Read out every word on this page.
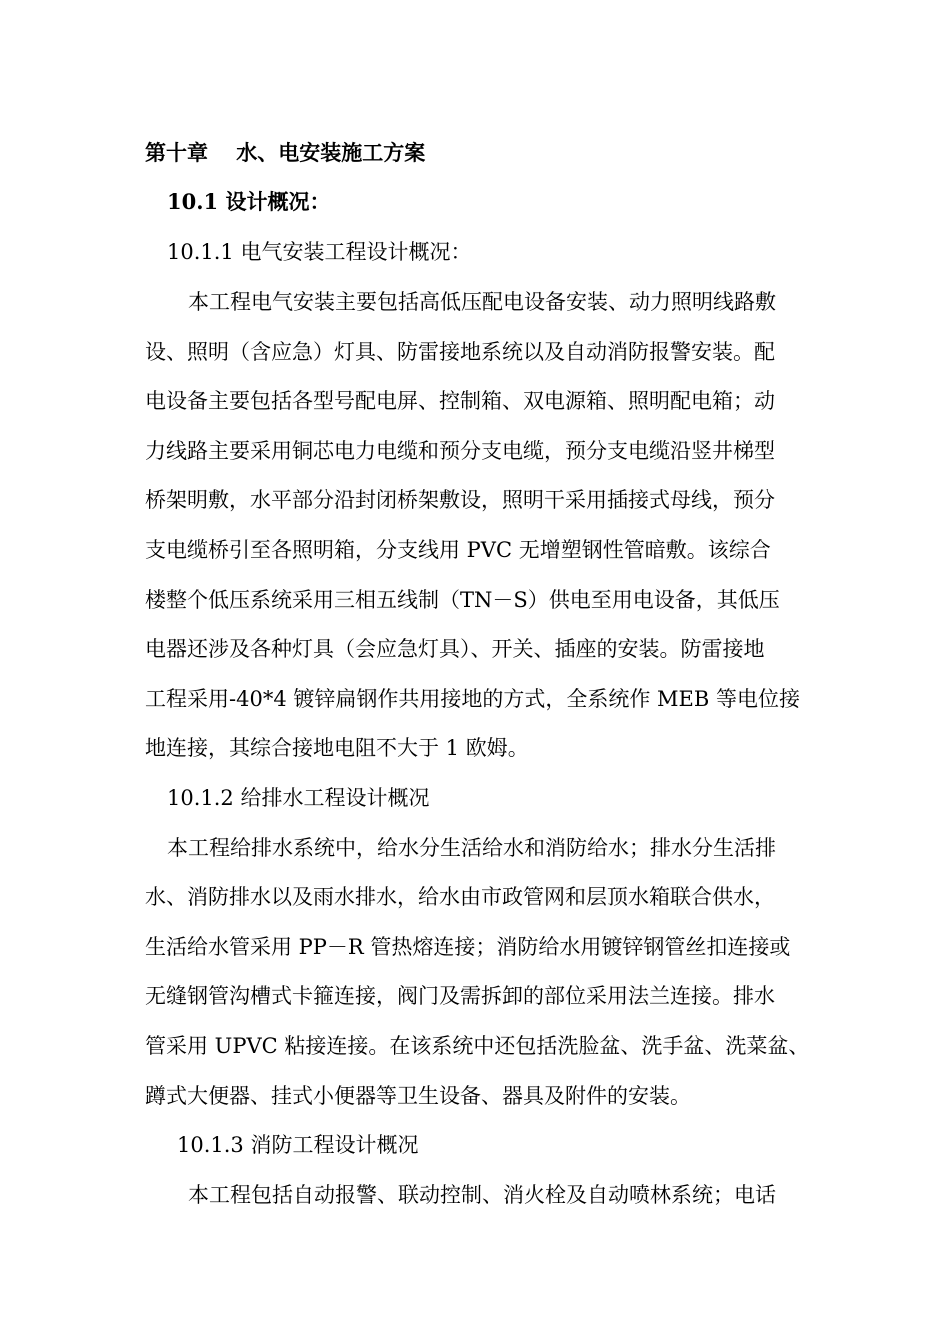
第十章　 水、电安装施工方案
10.1 设计概况：
10.1.1 电气安装工程设计概况：
本工程电气安装主要包括高低压配电设备安装、动力照明线路敷
设、照明（含应急）灯具、防雷接地系统以及自动消防报警安装。配
电设备主要包括各型号配电屏、控制箱、双电源箱、照明配电箱；动
力线路主要采用铜芯电力电缆和预分支电缆，预分支电缆沿竖井梯型
桥架明敷，水平部分沿封闭桥架敷设，照明干采用插接式母线，预分
支电缆桥引至各照明箱，分支线用 PVC 无增塑钢性管暗敷。该综合
楼整个低压系统采用三相五线制（TN－S）供电至用电设备，其低压
电器还涉及各种灯具（会应急灯具）、开关、插座的安装。防雷接地
工程采用-40*4 镀锌扁钢作共用接地的方式，全系统作 MEB 等电位接
地连接，其综合接地电阻不大于 1 欧姆。
10.1.2 给排水工程设计概况
本工程给排水系统中，给水分生活给水和消防给水；排水分生活排
水、消防排水以及雨水排水，给水由市政管网和层顶水箱联合供水，
生活给水管采用 PP－R 管热熔连接；消防给水用镀锌钢管丝扣连接或
无缝钢管沟槽式卡箍连接，阀门及需拆卸的部位采用法兰连接。排水
管采用 UPVC 粘接连接。在该系统中还包括洗脸盆、洗手盆、洗菜盆、
蹲式大便器、挂式小便器等卫生设备、器具及附件的安装。
10.1.3 消防工程设计概况
本工程包括自动报警、联动控制、消火栓及自动喷林系统；电话
